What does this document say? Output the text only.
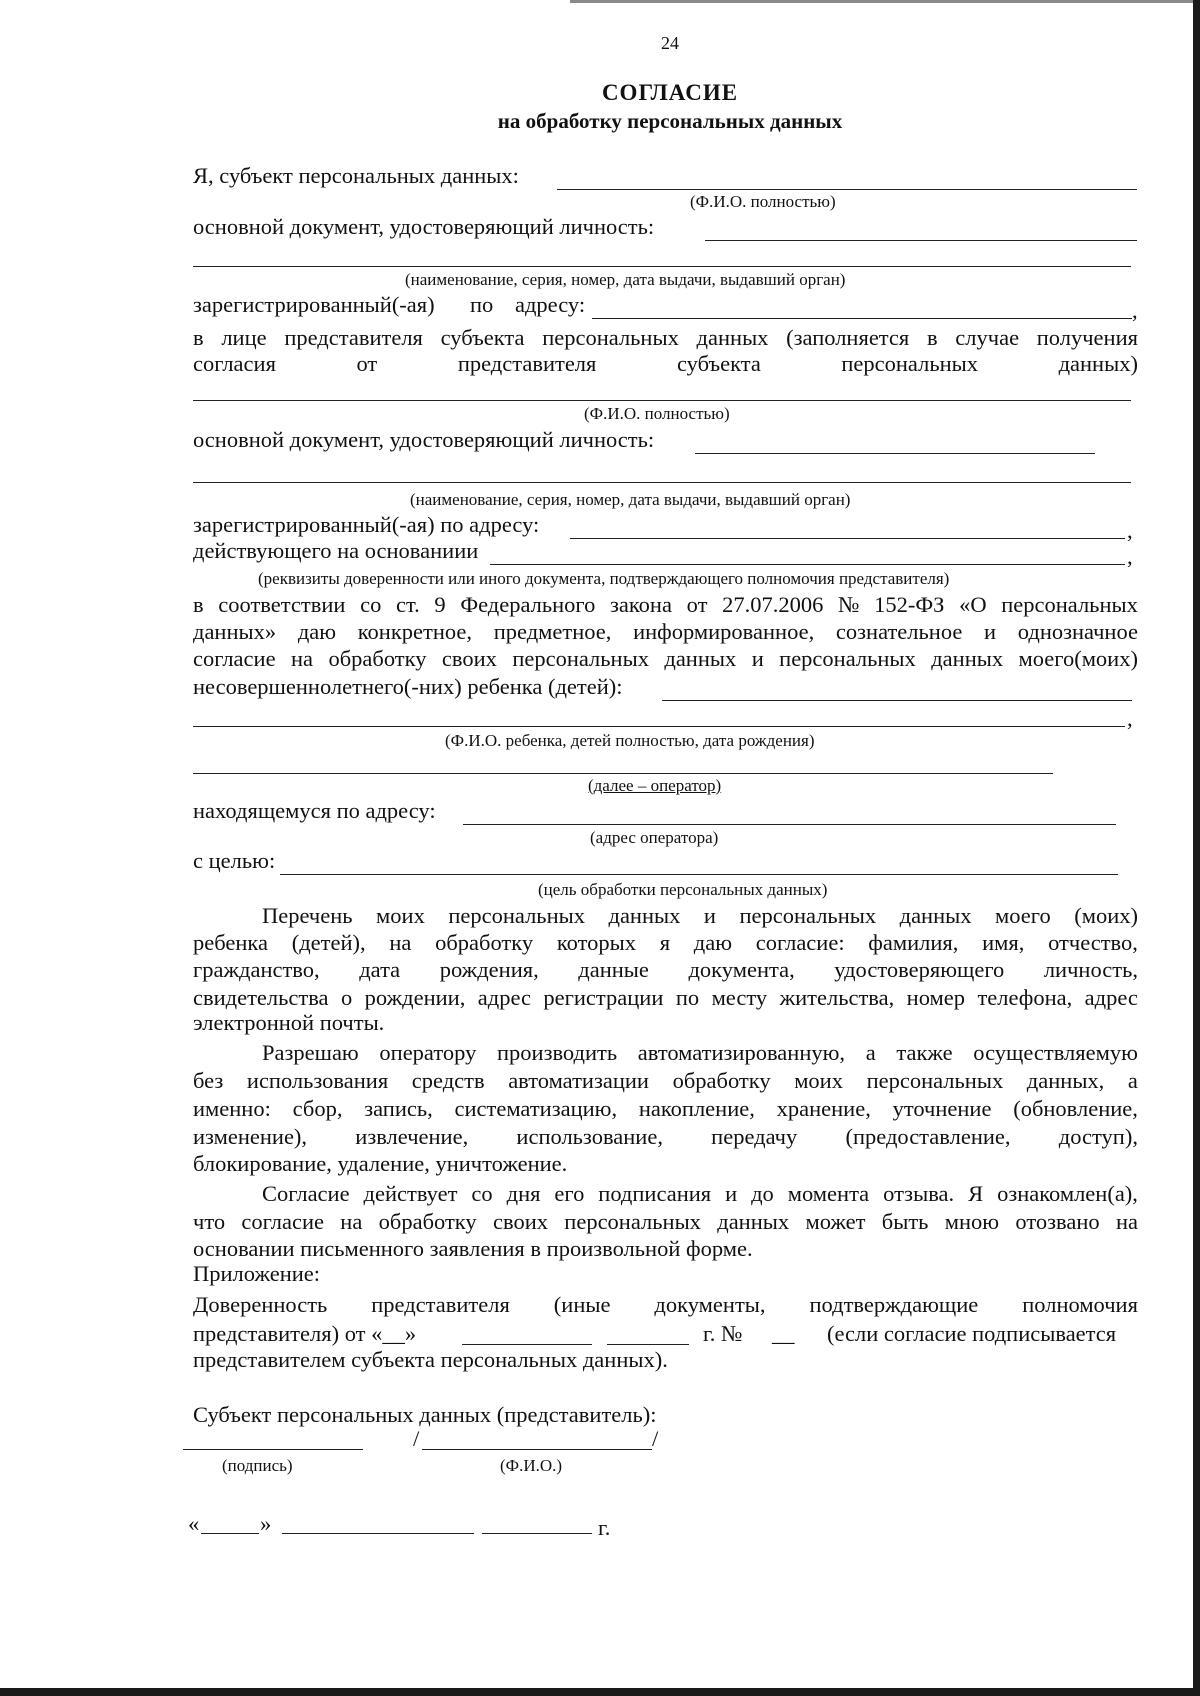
24
СОГЛАСИЕ
на обработку персональных данных
Я, субъект персональных данных:
(Ф.И.О. полностью)
основной документ, удостоверяющий личность:
(наименование, серия, номер, дата выдачи, выдавший орган)
зарегистрированный(-ая) по адресу:	,
в лице представителя субъекта персональных данных (заполняется в случае получения
согласия	от	представителя	субъекта	персональных	данных)
(Ф.И.О. полностью)
основной документ, удостоверяющий личность:
(наименование, серия, номер, дата выдачи, выдавший орган)
зарегистрированный(-ая) по адресу:	,
действующего на основаниии	,
(реквизиты доверенности или иного документа, подтверждающего полномочия представителя)
в соответствии со ст. 9 Федерального закона от 27.07.2006 № 152-ФЗ «О персональных
данных» даю конкретное, предметное, информированное, сознательное и однозначное
согласие на обработку своих персональных данных и персональных данных моего(моих)
несовершеннолетнего(-них) ребенка (детей):
,
(Ф.И.О. ребенка, детей полностью, дата рождения)
(далее – оператор)
находящемуся по адресу:
(адрес оператора)
с целью:
(цель обработки персональных данных)
Перечень моих персональных данных и персональных данных моего (моих)
ребенка (детей), на обработку которых я даю согласие: фамилия, имя, отчество,
гражданство, дата рождения, данные документа, удостоверяющего личность,
свидетельства о рождении, адрес регистрации по месту жительства, номер телефона, адрес
электронной почты.
Разрешаю оператору производить автоматизированную, а также осуществляемую
без использования средств автоматизации обработку моих персональных данных, а
именно: сбор, запись, систематизацию, накопление, хранение, уточнение (обновление,
изменение), извлечение, использование, передачу (предоставление, доступ),
блокирование, удаление, уничтожение.
Согласие действует со дня его подписания и до момента отзыва. Я ознакомлен(а),
что согласие на обработку своих персональных данных может быть мною отозвано на
основании письменного заявления в произвольной форме.
Приложение:
Доверенность представителя (иные документы, подтверждающие полномочия
представителя) от «__»	г. № __ (если согласие подписывается
представителем субъекта персональных данных).
Субъект персональных данных (представитель):
/	/
(подпись)	(Ф.И.О.)
«	»	г.
